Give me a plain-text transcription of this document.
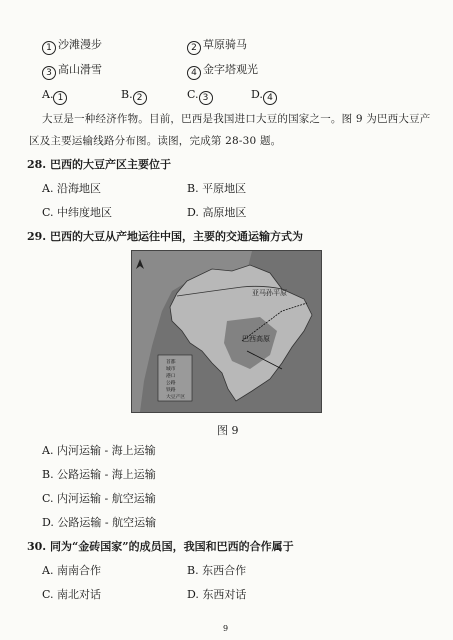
1 沙滩漫步	2 草原骑马
3 高山滑雪	4 金字塔观光
A. 1	B. 2	C. 3	D. 4
大豆是一种经济作物。目前，巴西是我国进口大豆的国家之一。图 9 为巴西大豆产
区及主要运输线路分布图。读图，完成第 28-30 题。
28. 巴西的大豆产区主要位于
A. 沿海地区	B. 平原地区
C. 中纬度地区	D. 高原地区
29. 巴西的大豆从产地运往中国，主要的交通运输方式为
亚马孙平原
巴西高原
首都
城市
港口
公路
铁路
大豆产区
图 9
A. 内河运输 - 海上运输
B. 公路运输 - 海上运输
C. 内河运输 - 航空运输
D. 公路运输 - 航空运输
30. 同为“金砖国家”的成员国，我国和巴西的合作属于
A. 南南合作	B. 东西合作
C. 南北对话	D. 东西对话
9
